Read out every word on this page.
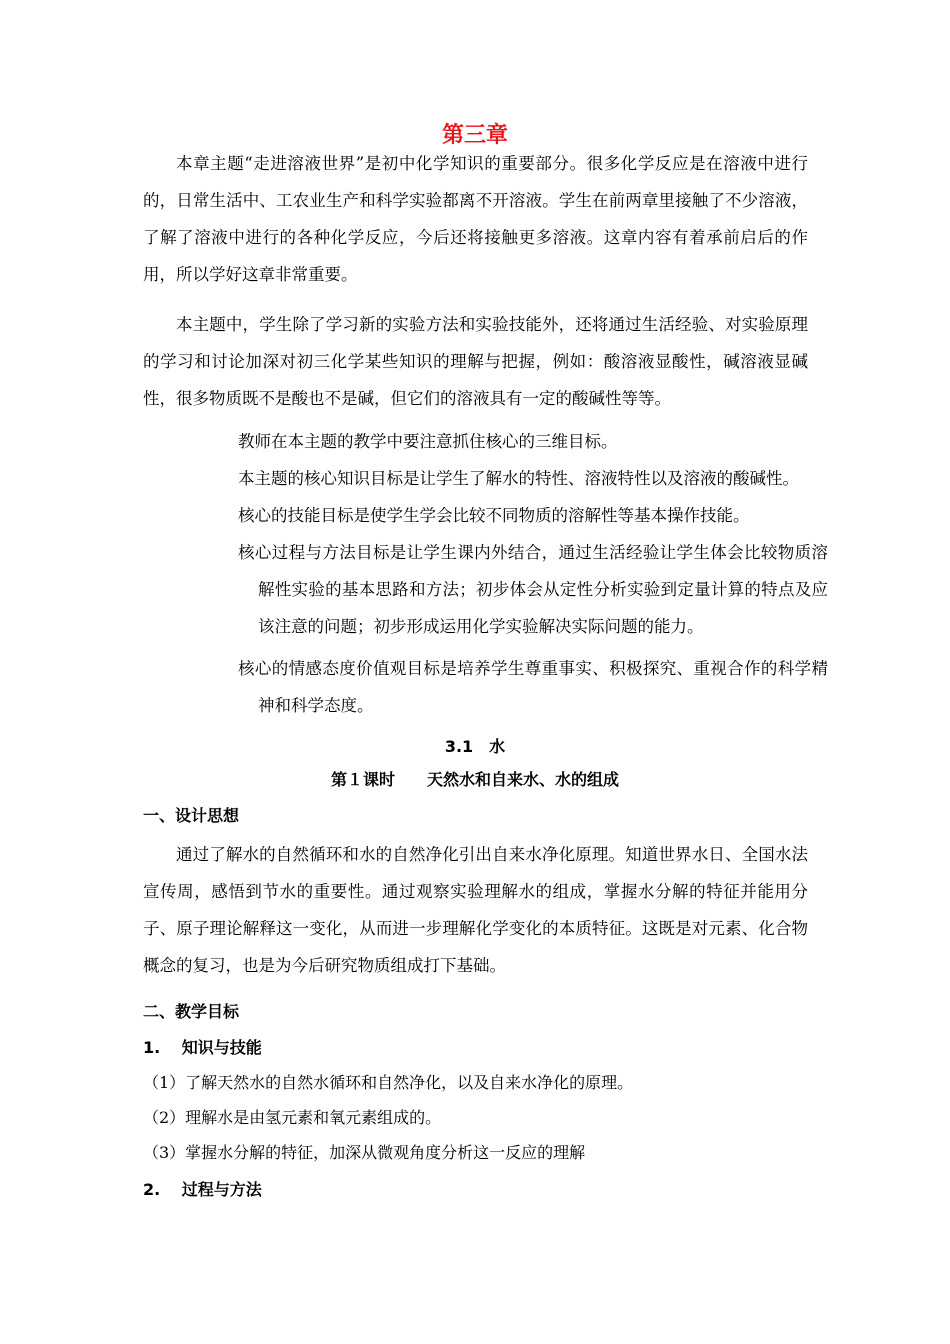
第三章

本章主题“走进溶液世界”是初中化学知识的重要部分。很多化学反应是在溶液中进行的，日常生活中、工农业生产和科学实验都离不开溶液。学生在前两章里接触了不少溶液，了解了溶液中进行的各种化学反应，今后还将接触更多溶液。这章内容有着承前启后的作用，所以学好这章非常重要。

本主题中，学生除了学习新的实验方法和实验技能外，还将通过生活经验、对实验原理的学习和讨论加深对初三化学某些知识的理解与把握，例如：酸溶液显酸性，碱溶液显碱性，很多物质既不是酸也不是碱，但它们的溶液具有一定的酸碱性等等。

教师在本主题的教学中要注意抓住核心的三维目标。

本主题的核心知识目标是让学生了解水的特性、溶液特性以及溶液的酸碱性。

核心的技能目标是使学生学会比较不同物质的溶解性等基本操作技能。

核心过程与方法目标是让学生课内外结合，通过生活经验让学生体会比较物质溶解性实验的基本思路和方法；初步体会从定性分析实验到定量计算的特点及应该注意的问题；初步形成运用化学实验解决实际问题的能力。

核心的情感态度价值观目标是培养学生尊重事实、积极探究、重视合作的科学精神和科学态度。

3.1　水
第１课时　　天然水和自来水、水的组成
一、设计思想

通过了解水的自然循环和水的自然净化引出自来水净化原理。知道世界水日、全国水法宣传周，感悟到节水的重要性。通过观察实验理解水的组成，掌握水分解的特征并能用分子、原子理论解释这一变化，从而进一步理解化学变化的本质特征。这既是对元素、化合物概念的复习，也是为今后研究物质组成打下基础。

二、教学目标
1.　 知识与技能
（1）了解天然水的自然水循环和自然净化，以及自来水净化的原理。
（2）理解水是由氢元素和氧元素组成的。
（3）掌握水分解的特征，加深从微观角度分析这一反应的理解
2.　 过程与方法
